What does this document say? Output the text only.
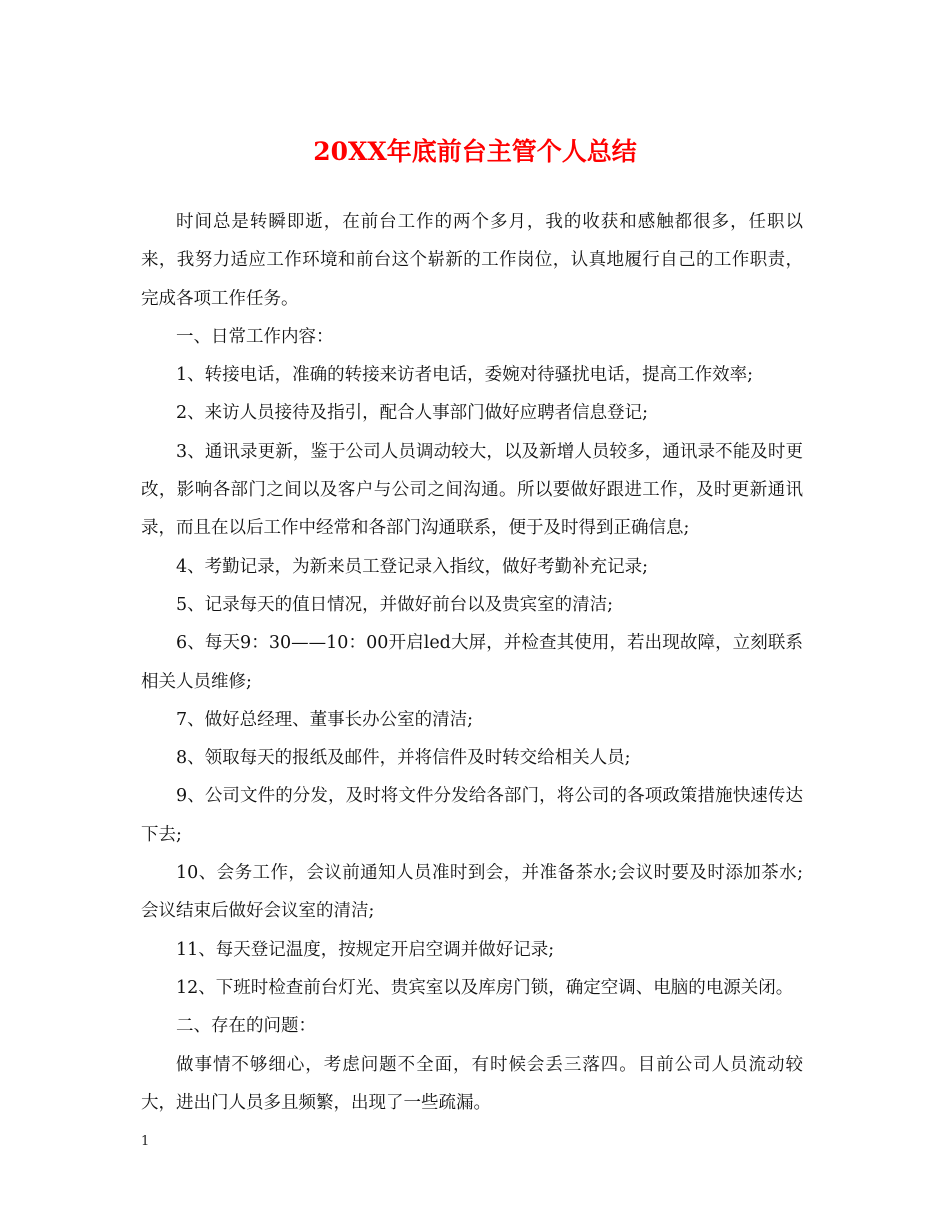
20XX年底前台主管个人总结

时间总是转瞬即逝，在前台工作的两个多月，我的收获和感触都很多，任职以来，我努力适应工作环境和前台这个崭新的工作岗位，认真地履行自己的工作职责，完成各项工作任务。

一、日常工作内容：

1、转接电话，准确的转接来访者电话，委婉对待骚扰电话，提高工作效率;

2、来访人员接待及指引，配合人事部门做好应聘者信息登记;

3、通讯录更新，鉴于公司人员调动较大，以及新增人员较多，通讯录不能及时更改，影响各部门之间以及客户与公司之间沟通。所以要做好跟进工作，及时更新通讯录，而且在以后工作中经常和各部门沟通联系，便于及时得到正确信息;

4、考勤记录，为新来员工登记录入指纹，做好考勤补充记录;

5、记录每天的值日情况，并做好前台以及贵宾室的清洁;

6、每天9：30——10：00开启led大屏，并检查其使用，若出现故障，立刻联系相关人员维修;

7、做好总经理、董事长办公室的清洁;

8、领取每天的报纸及邮件，并将信件及时转交给相关人员;

9、公司文件的分发，及时将文件分发给各部门，将公司的各项政策措施快速传达下去;

10、会务工作，会议前通知人员准时到会，并准备茶水;会议时要及时添加茶水;会议结束后做好会议室的清洁;

11、每天登记温度，按规定开启空调并做好记录;

12、下班时检查前台灯光、贵宾室以及库房门锁，确定空调、电脑的电源关闭。

二、存在的问题：

做事情不够细心，考虑问题不全面，有时候会丢三落四。目前公司人员流动较大，进出门人员多且频繁，出现了一些疏漏。

1
